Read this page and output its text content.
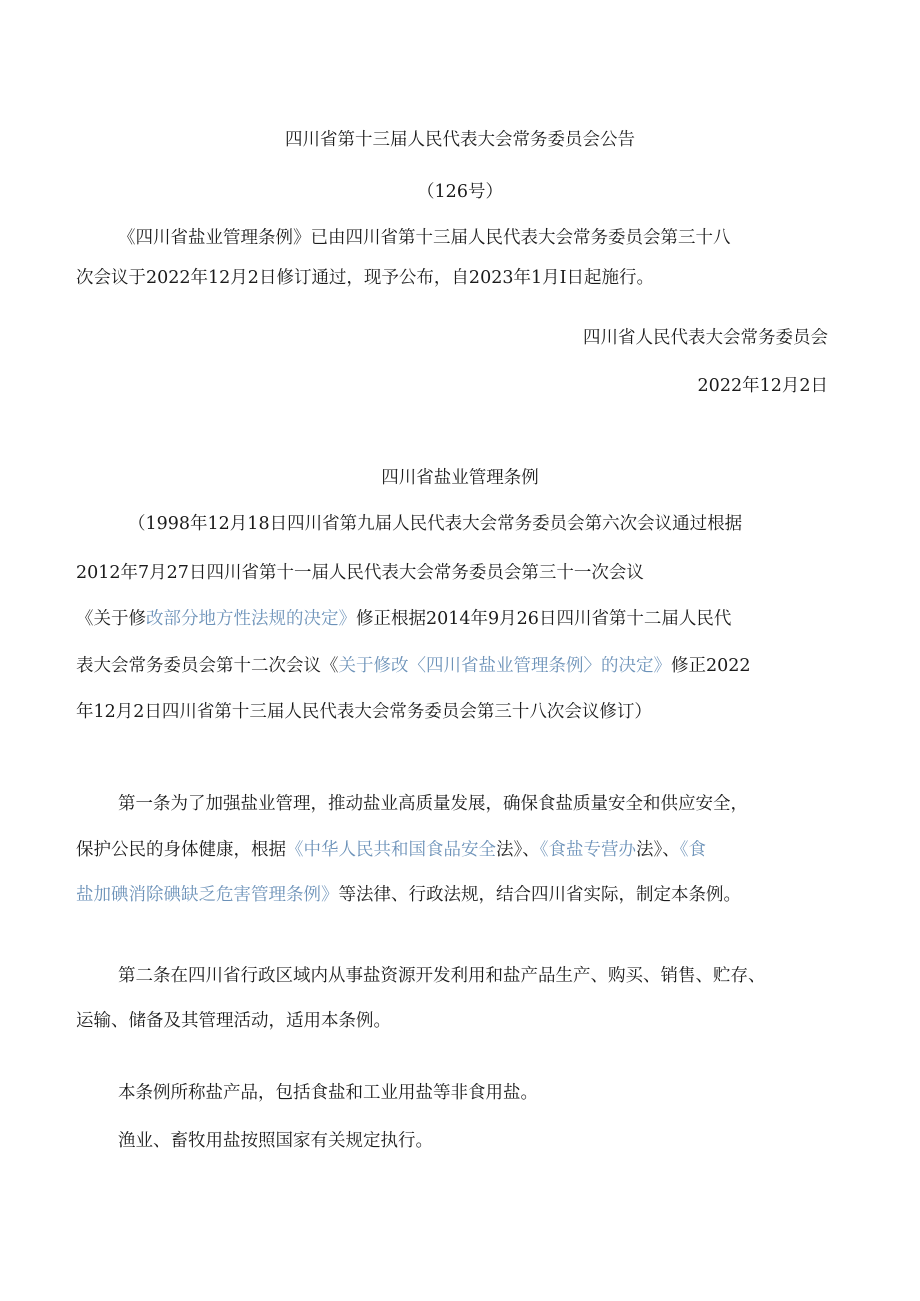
四川省第十三届人民代表大会常务委员会公告
（126号）
《四川省盐业管理条例》已由四川省第十三届人民代表大会常务委员会第三十八
次会议于2022年12月2日修订通过，现予公布，自2023年1月I日起施行。
四川省人民代表大会常务委员会
2022年12月2日
四川省盐业管理条例
（1998年12月18日四川省第九届人民代表大会常务委员会第六次会议通过根据
2012年7月27日四川省第十一届人民代表大会常务委员会第三十一次会议
《关于修改部分地方性法规的决定》修正根据2014年9月26日四川省第十二届人民代
表大会常务委员会第十二次会议《关于修改〈四川省盐业管理条例〉的决定》修正2022
年12月2日四川省第十三届人民代表大会常务委员会第三十八次会议修订）
第一条为了加强盐业管理，推动盐业高质量发展，确保食盐质量安全和供应安全，
保护公民的身体健康，根据《中华人民共和国食品安全法》、《食盐专营办法》、《食
盐加碘消除碘缺乏危害管理条例》等法律、行政法规，结合四川省实际，制定本条例。
第二条在四川省行政区域内从事盐资源开发利用和盐产品生产、购买、销售、贮存、
运输、储备及其管理活动，适用本条例。
本条例所称盐产品，包括食盐和工业用盐等非食用盐。
渔业、畜牧用盐按照国家有关规定执行。
